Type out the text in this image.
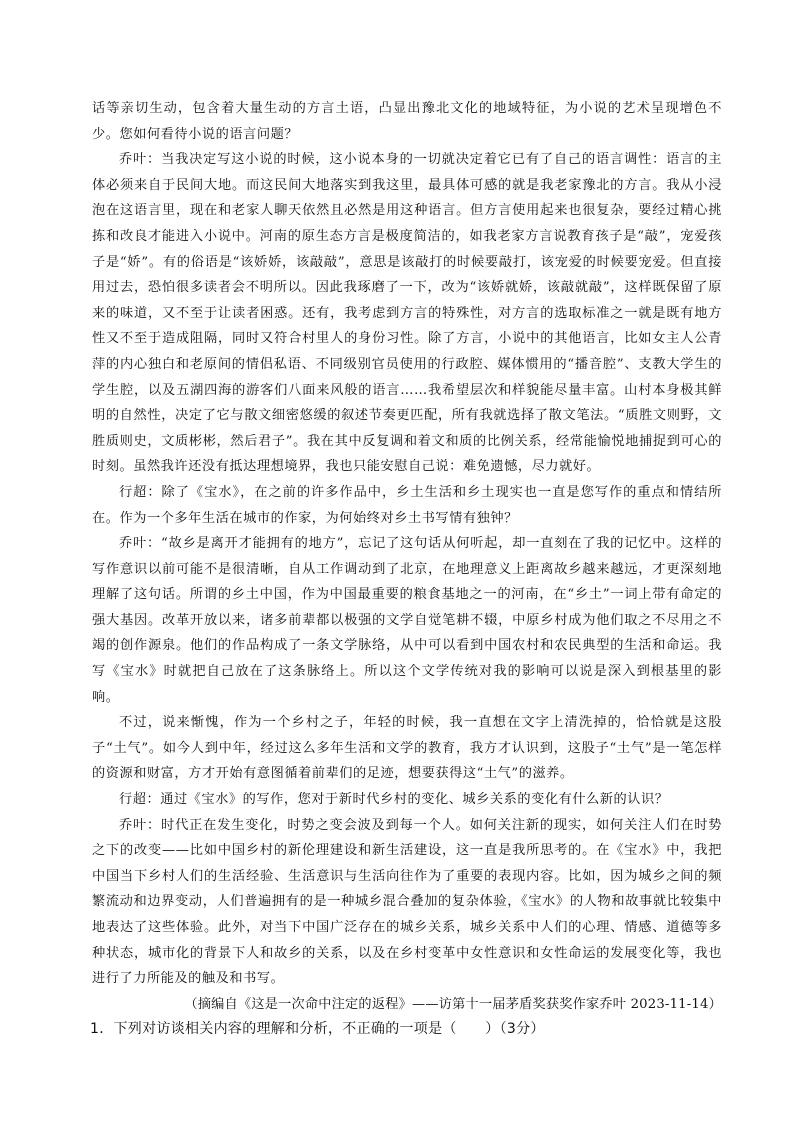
话等亲切生动，包含着大量生动的方言土语，凸显出豫北文化的地域特征，为小说的艺术呈现增色不少。您如何看待小说的语言问题？

乔叶：当我决定写这小说的时候，这小说本身的一切就决定着它已有了自己的语言调性：语言的主体必须来自于民间大地。而这民间大地落实到我这里，最具体可感的就是我老家豫北的方言。我从小浸泡在这语言里，现在和老家人聊天依然且必然是用这种语言。但方言使用起来也很复杂，要经过精心挑拣和改良才能进入小说中。河南的原生态方言是极度简洁的，如我老家方言说教育孩子是“敲”，宠爱孩子是“娇”。有的俗语是“该娇娇，该敲敲”，意思是该敲打的时候要敲打，该宠爱的时候要宠爱。但直接用过去，恐怕很多读者会不明所以。因此我琢磨了一下，改为“该娇就娇，该敲就敲”，这样既保留了原来的味道，又不至于让读者困惑。还有，我考虑到方言的特殊性，对方言的选取标准之一就是既有地方性又不至于造成阻隔，同时又符合村里人的身份习性。除了方言，小说中的其他语言，比如女主人公青萍的内心独白和老原间的情侣私语、不同级别官员使用的行政腔、媒体惯用的“播音腔”、支教大学生的学生腔，以及五湖四海的游客们八面来风般的语言……我希望层次和样貌能尽量丰富。山村本身极其鲜明的自然性，决定了它与散文细密悠缓的叙述节奏更匹配，所有我就选择了散文笔法。“质胜文则野，文胜质则史，文质彬彬，然后君子”。我在其中反复调和着文和质的比例关系，经常能愉悦地捕捉到可心的时刻。虽然我许还没有抵达理想境界，我也只能安慰自己说：难免遗憾，尽力就好。

行超：除了《宝水》，在之前的许多作品中，乡土生活和乡土现实也一直是您写作的重点和情结所在。作为一个多年生活在城市的作家，为何始终对乡土书写情有独钟？

乔叶：“故乡是离开才能拥有的地方”，忘记了这句话从何听起，却一直刻在了我的记忆中。这样的写作意识以前可能不是很清晰，自从工作调动到了北京，在地理意义上距离故乡越来越远，才更深刻地理解了这句话。所谓的乡土中国，作为中国最重要的粮食基地之一的河南，在“乡土”一词上带有命定的强大基因。改革开放以来，诸多前辈都以极强的文学自觉笔耕不辍，中原乡村成为他们取之不尽用之不竭的创作源泉。他们的作品构成了一条文学脉络，从中可以看到中国农村和农民典型的生活和命运。我写《宝水》时就把自己放在了这条脉络上。所以这个文学传统对我的影响可以说是深入到根基里的影响。

不过，说来惭愧，作为一个乡村之子，年轻的时候，我一直想在文字上清洗掉的，恰恰就是这股子“土气”。如今人到中年，经过这么多年生活和文学的教育，我方才认识到，这股子“土气”是一笔怎样的资源和财富，方才开始有意图循着前辈们的足迹，想要获得这“土气”的滋养。

行超：通过《宝水》的写作，您对于新时代乡村的变化、城乡关系的变化有什么新的认识？

乔叶：时代正在发生变化，时势之变会波及到每一个人。如何关注新的现实，如何关注人们在时势之下的改变——比如中国乡村的新伦理建设和新生活建设，这一直是我所思考的。在《宝水》中，我把中国当下乡村人们的生活经验、生活意识与生活向往作为了重要的表现内容。比如，因为城乡之间的频繁流动和边界变动，人们普遍拥有的是一种城乡混合叠加的复杂体验，《宝水》的人物和故事就比较集中地表达了这些体验。此外，对当下中国广泛存在的城乡关系，城乡关系中人们的心理、情感、道德等多种状态，城市化的背景下人和故乡的关系，以及在乡村变革中女性意识和女性命运的发展变化等，我也进行了力所能及的触及和书写。

（摘编自《这是一次命中注定的返程》——访第十一届茅盾奖获奖作家乔叶 2023-11-14）

1．下列对访谈相关内容的理解和分析，不正确的一项是（　　）（3分）
